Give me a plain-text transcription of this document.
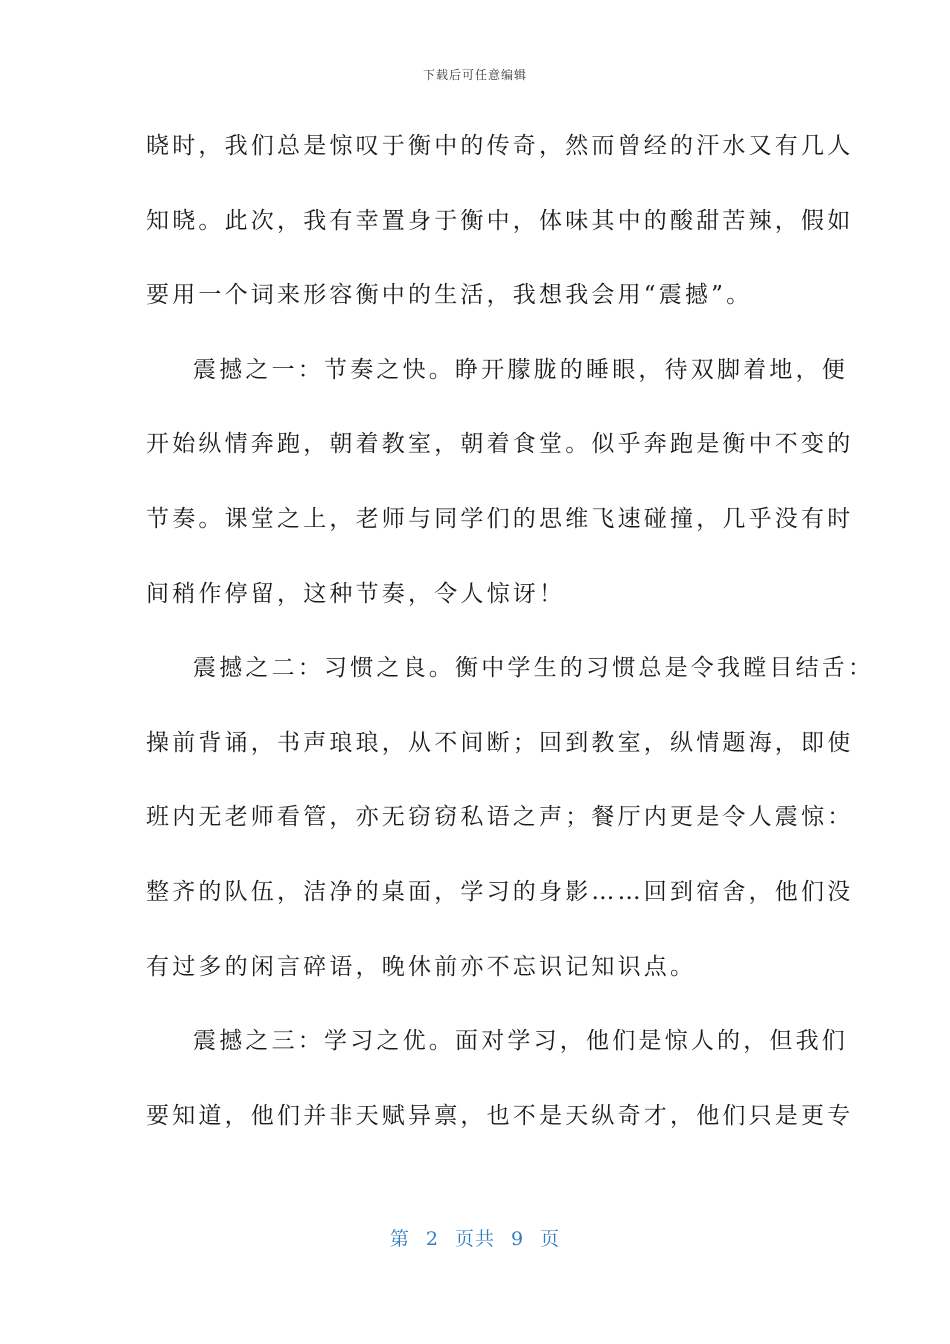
下载后可任意编辑
晓时，我们总是惊叹于衡中的传奇，然而曾经的汗水又有几人
知晓。此次，我有幸置身于衡中，体味其中的酸甜苦辣，假如
要用一个词来形容衡中的生活，我想我会用“震撼”。
震撼之一：节奏之快。睁开朦胧的睡眼，待双脚着地，便
开始纵情奔跑，朝着教室，朝着食堂。似乎奔跑是衡中不变的
节奏。课堂之上，老师与同学们的思维飞速碰撞，几乎没有时
间稍作停留，这种节奏，令人惊讶！
震撼之二：习惯之良。衡中学生的习惯总是令我瞠目结舌：
操前背诵，书声琅琅，从不间断；回到教室，纵情题海，即使
班内无老师看管，亦无窃窃私语之声；餐厅内更是令人震惊：
整齐的队伍，洁净的桌面，学习的身影……回到宿舍，他们没
有过多的闲言碎语，晚休前亦不忘识记知识点。
震撼之三：学习之优。面对学习，他们是惊人的，但我们
要知道，他们并非天赋异禀，也不是天纵奇才，他们只是更专
第 2 页共 9 页
